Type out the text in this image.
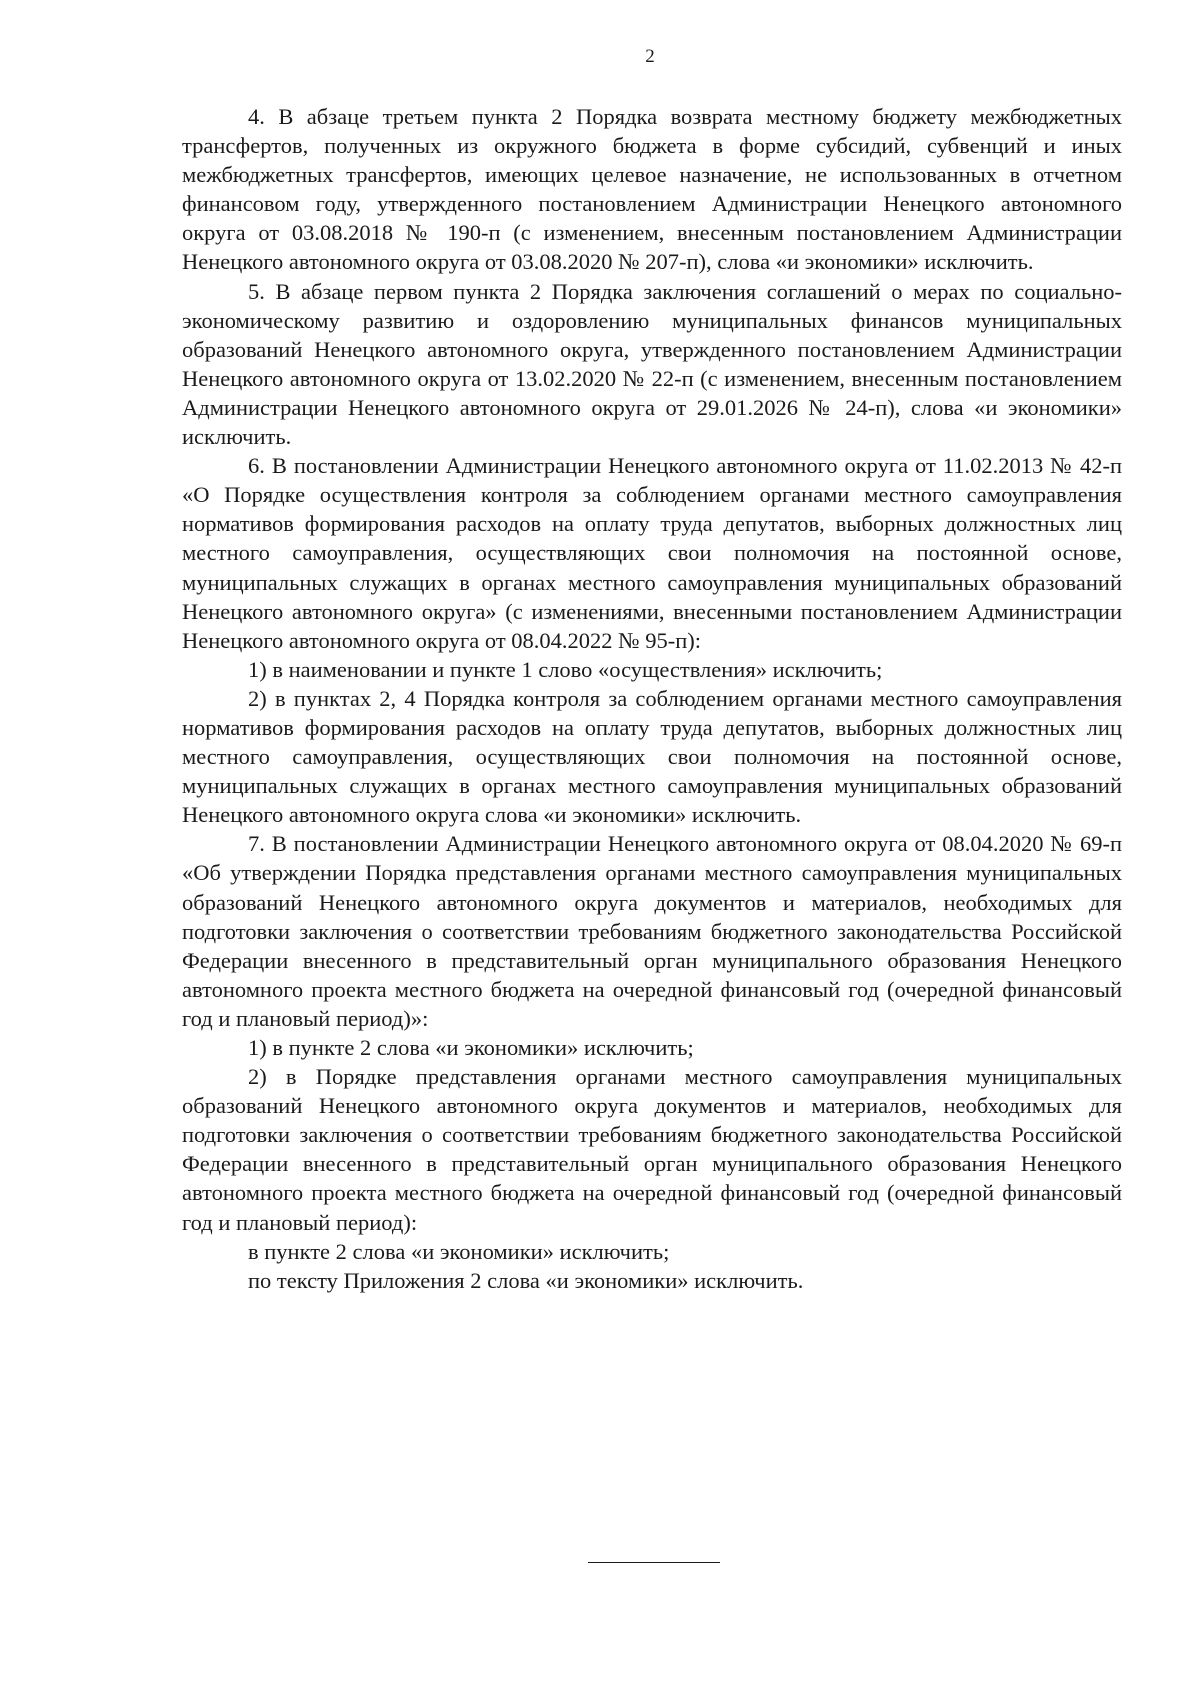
2

4. В абзаце третьем пункта 2 Порядка возврата местному бюджету межбюджетных трансфертов, полученных из окружного бюджета в форме субсидий, субвенций и иных межбюджетных трансфертов, имеющих целевое назначение, не использованных в отчетном финансовом году, утвержденного постановлением Администрации Ненецкого автономного округа от 03.08.2018 № 190-п (с изменением, внесенным постановлением Администрации Ненецкого автономного округа от 03.08.2020 № 207-п), слова «и экономики» исключить.

5. В абзаце первом пункта 2 Порядка заключения соглашений о мерах по социально-экономическому развитию и оздоровлению муниципальных финансов муниципальных образований Ненецкого автономного округа, утвержденного постановлением Администрации Ненецкого автономного округа от 13.02.2020 № 22-п (с изменением, внесенным постановлением Администрации Ненецкого автономного округа от 29.01.2026 № 24-п), слова «и экономики» исключить.

6. В постановлении Администрации Ненецкого автономного округа от 11.02.2013 № 42-п «О Порядке осуществления контроля за соблюдением органами местного самоуправления нормативов формирования расходов на оплату труда депутатов, выборных должностных лиц местного самоуправления, осуществляющих свои полномочия на постоянной основе, муниципальных служащих в органах местного самоуправления муниципальных образований Ненецкого автономного округа» (с изменениями, внесенными постановлением Администрации Ненецкого автономного округа от 08.04.2022 № 95-п):

1) в наименовании и пункте 1 слово «осуществления» исключить;

2) в пунктах 2, 4 Порядка контроля за соблюдением органами местного самоуправления нормативов формирования расходов на оплату труда депутатов, выборных должностных лиц местного самоуправления, осуществляющих свои полномочия на постоянной основе, муниципальных служащих в органах местного самоуправления муниципальных образований Ненецкого автономного округа слова «и экономики» исключить.

7. В постановлении Администрации Ненецкого автономного округа от 08.04.2020 № 69-п «Об утверждении Порядка представления органами местного самоуправления муниципальных образований Ненецкого автономного округа документов и материалов, необходимых для подготовки заключения о соответствии требованиям бюджетного законодательства Российской Федерации внесенного в представительный орган муниципального образования Ненецкого автономного проекта местного бюджета на очередной финансовый год (очередной финансовый год и плановый период)»:

1) в пункте 2 слова «и экономики» исключить;

2) в Порядке представления органами местного самоуправления муниципальных образований Ненецкого автономного округа документов и материалов, необходимых для подготовки заключения о соответствии требованиям бюджетного законодательства Российской Федерации внесенного в представительный орган муниципального образования Ненецкого автономного проекта местного бюджета на очередной финансовый год (очередной финансовый год и плановый период):

в пункте 2 слова «и экономики» исключить;

по тексту Приложения 2 слова «и экономики» исключить.
